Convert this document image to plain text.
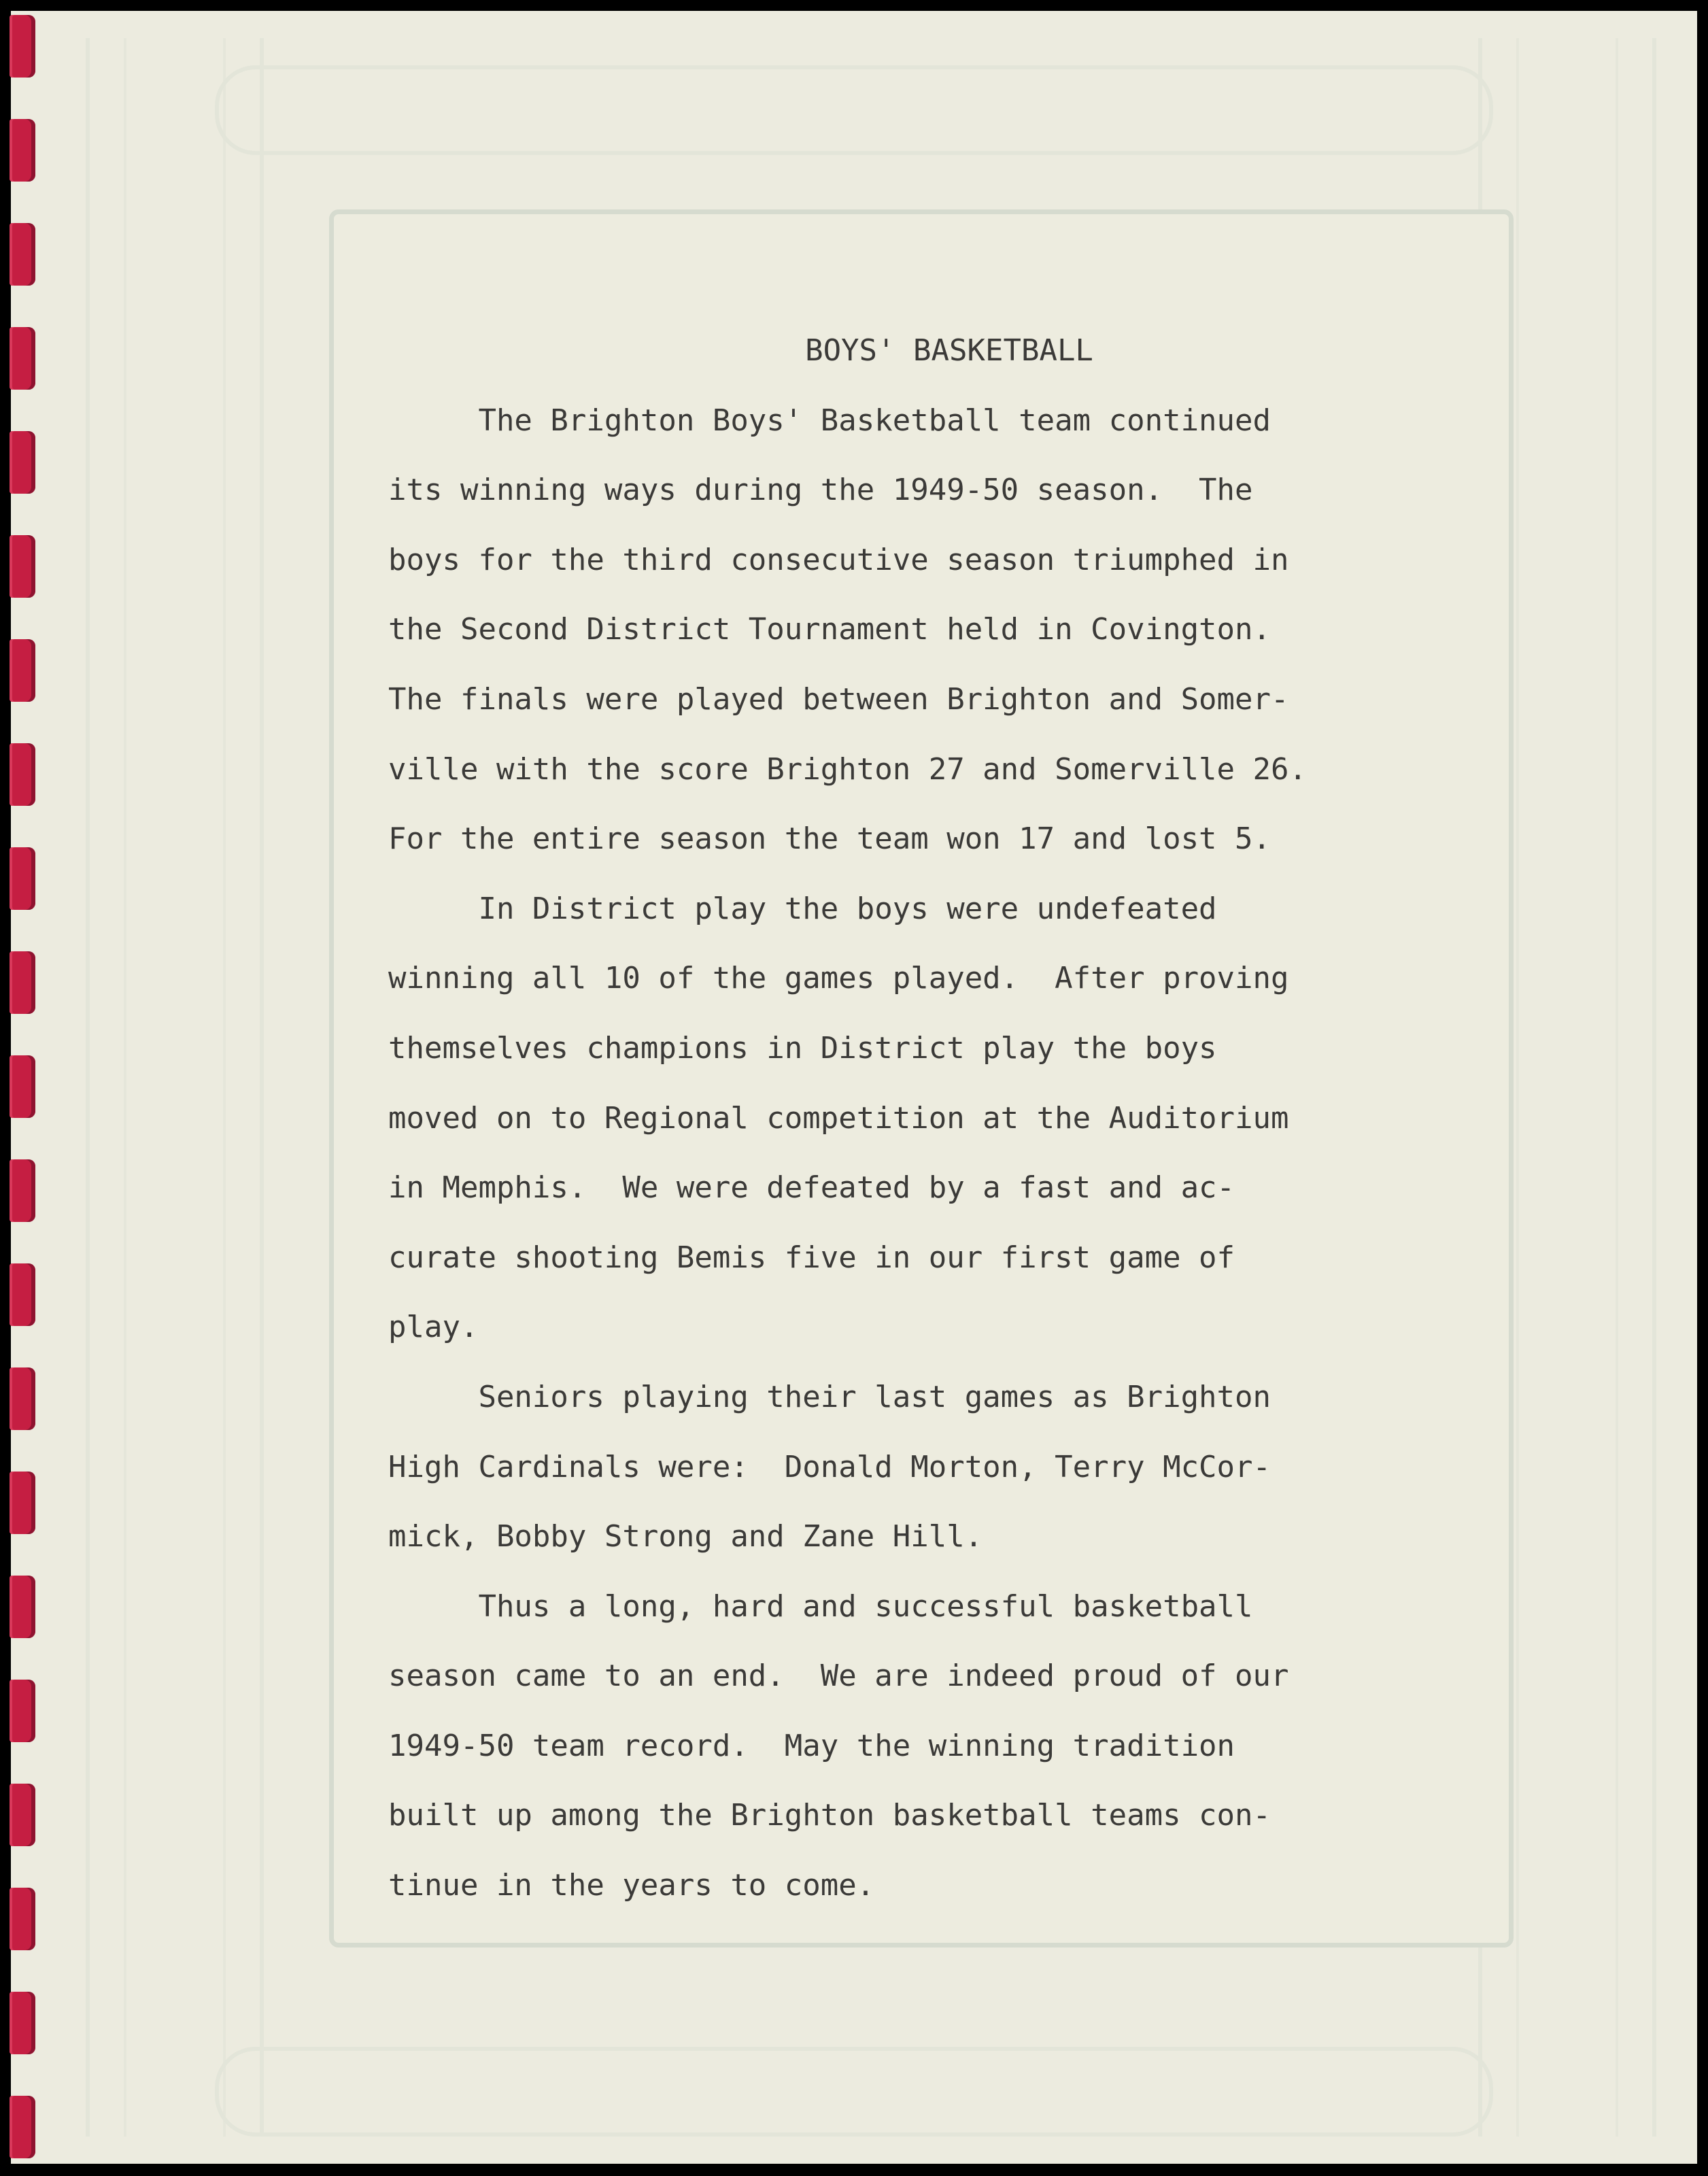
BOYS' BASKETBALL
The Brighton Boys' Basketball team continued
its winning ways during the 1949-50 season.  The
boys for the third consecutive season triumphed in
the Second District Tournament held in Covington.
The finals were played between Brighton and Somer-
ville with the score Brighton 27 and Somerville 26.
For the entire season the team won 17 and lost 5.
In District play the boys were undefeated
winning all 10 of the games played.  After proving
themselves champions in District play the boys
moved on to Regional competition at the Auditorium
in Memphis.  We were defeated by a fast and ac-
curate shooting Bemis five in our first game of
play.
Seniors playing their last games as Brighton
High Cardinals were:  Donald Morton, Terry McCor-
mick, Bobby Strong and Zane Hill.
Thus a long, hard and successful basketball
season came to an end.  We are indeed proud of our
1949-50 team record.  May the winning tradition
built up among the Brighton basketball teams con-
tinue in the years to come.
